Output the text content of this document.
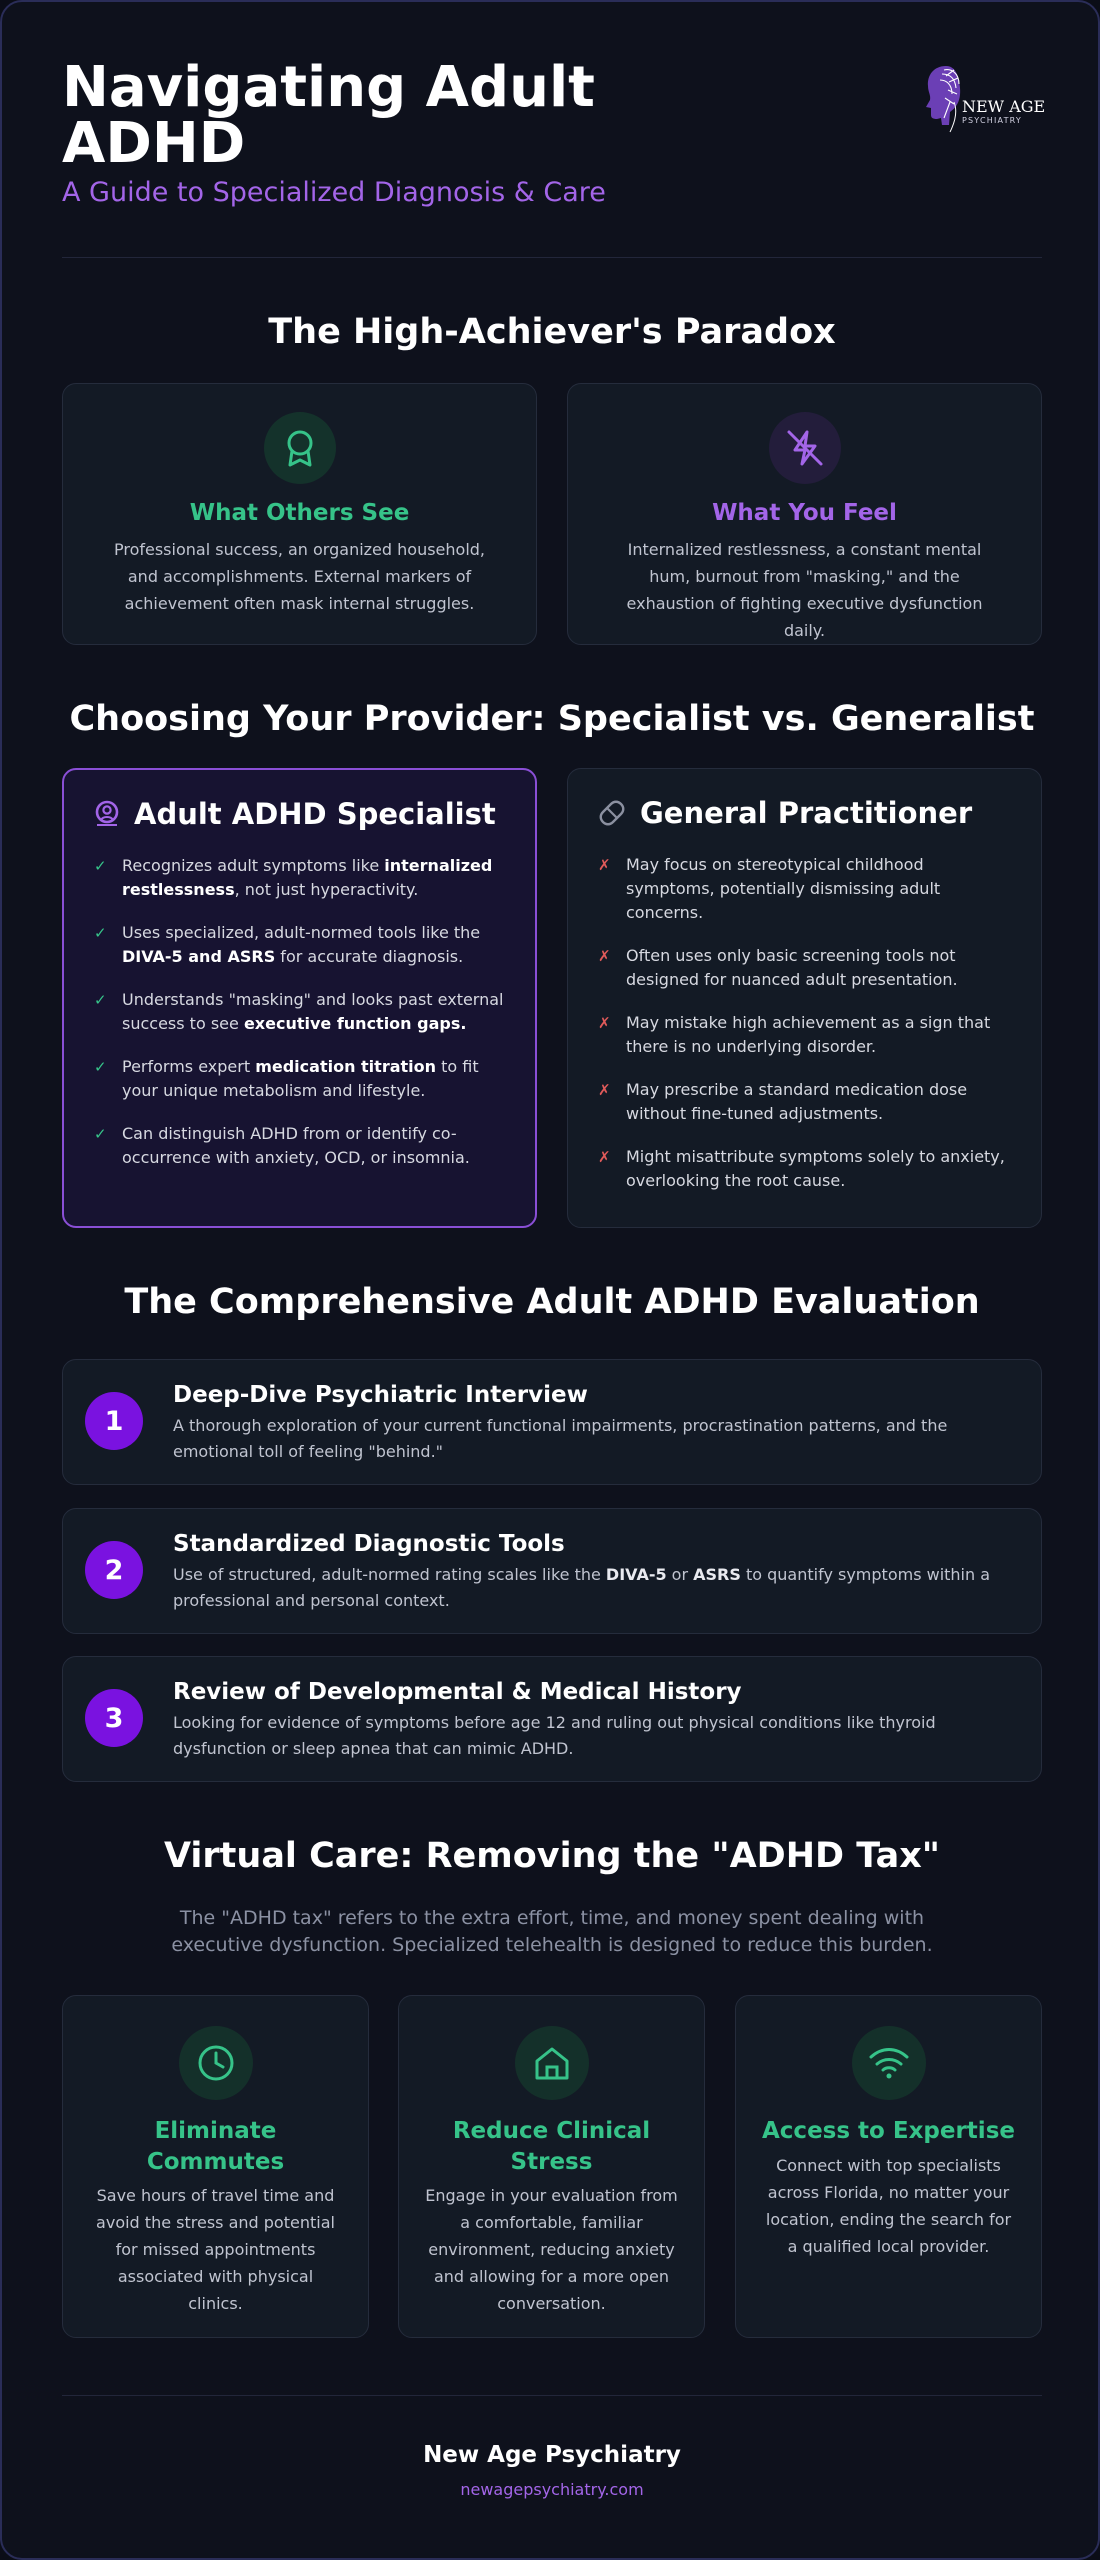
Navigating Adult ADHD
A Guide to Specialized Diagnosis & Care
NEW AGE
PSYCHIATRY
The High-Achiever's Paradox
What Others See
Professional success, an organized household, and accomplishments. External markers of achievement often mask internal struggles.
What You Feel
Internalized restlessness, a constant mental hum, burnout from "masking," and the exhaustion of fighting executive dysfunction daily.
Choosing Your Provider: Specialist vs. Generalist
Adult ADHD Specialist
✓ Recognizes adult symptoms like internalized restlessness, not just hyperactivity.
✓ Uses specialized, adult-normed tools like the DIVA-5 and ASRS for accurate diagnosis.
✓ Understands "masking" and looks past external success to see executive function gaps.
✓ Performs expert medication titration to fit your unique metabolism and lifestyle.
✓ Can distinguish ADHD from or identify co-occurrence with anxiety, OCD, or insomnia.
General Practitioner
✗ May focus on stereotypical childhood symptoms, potentially dismissing adult concerns.
✗ Often uses only basic screening tools not designed for nuanced adult presentation.
✗ May mistake high achievement as a sign that there is no underlying disorder.
✗ May prescribe a standard medication dose without fine-tuned adjustments.
✗ Might misattribute symptoms solely to anxiety, overlooking the root cause.
The Comprehensive Adult ADHD Evaluation
1
Deep-Dive Psychiatric Interview
A thorough exploration of your current functional impairments, procrastination patterns, and the emotional toll of feeling "behind."
2
Standardized Diagnostic Tools
Use of structured, adult-normed rating scales like the DIVA-5 or ASRS to quantify symptoms within a professional and personal context.
3
Review of Developmental & Medical History
Looking for evidence of symptoms before age 12 and ruling out physical conditions like thyroid dysfunction or sleep apnea that can mimic ADHD.
Virtual Care: Removing the "ADHD Tax"
The "ADHD tax" refers to the extra effort, time, and money spent dealing with executive dysfunction. Specialized telehealth is designed to reduce this burden.
Eliminate Commutes
Save hours of travel time and avoid the stress and potential for missed appointments associated with physical clinics.
Reduce Clinical Stress
Engage in your evaluation from a comfortable, familiar environment, reducing anxiety and allowing for a more open conversation.
Access to Expertise
Connect with top specialists across Florida, no matter your location, ending the search for a qualified local provider.
New Age Psychiatry
newagepsychiatry.com
